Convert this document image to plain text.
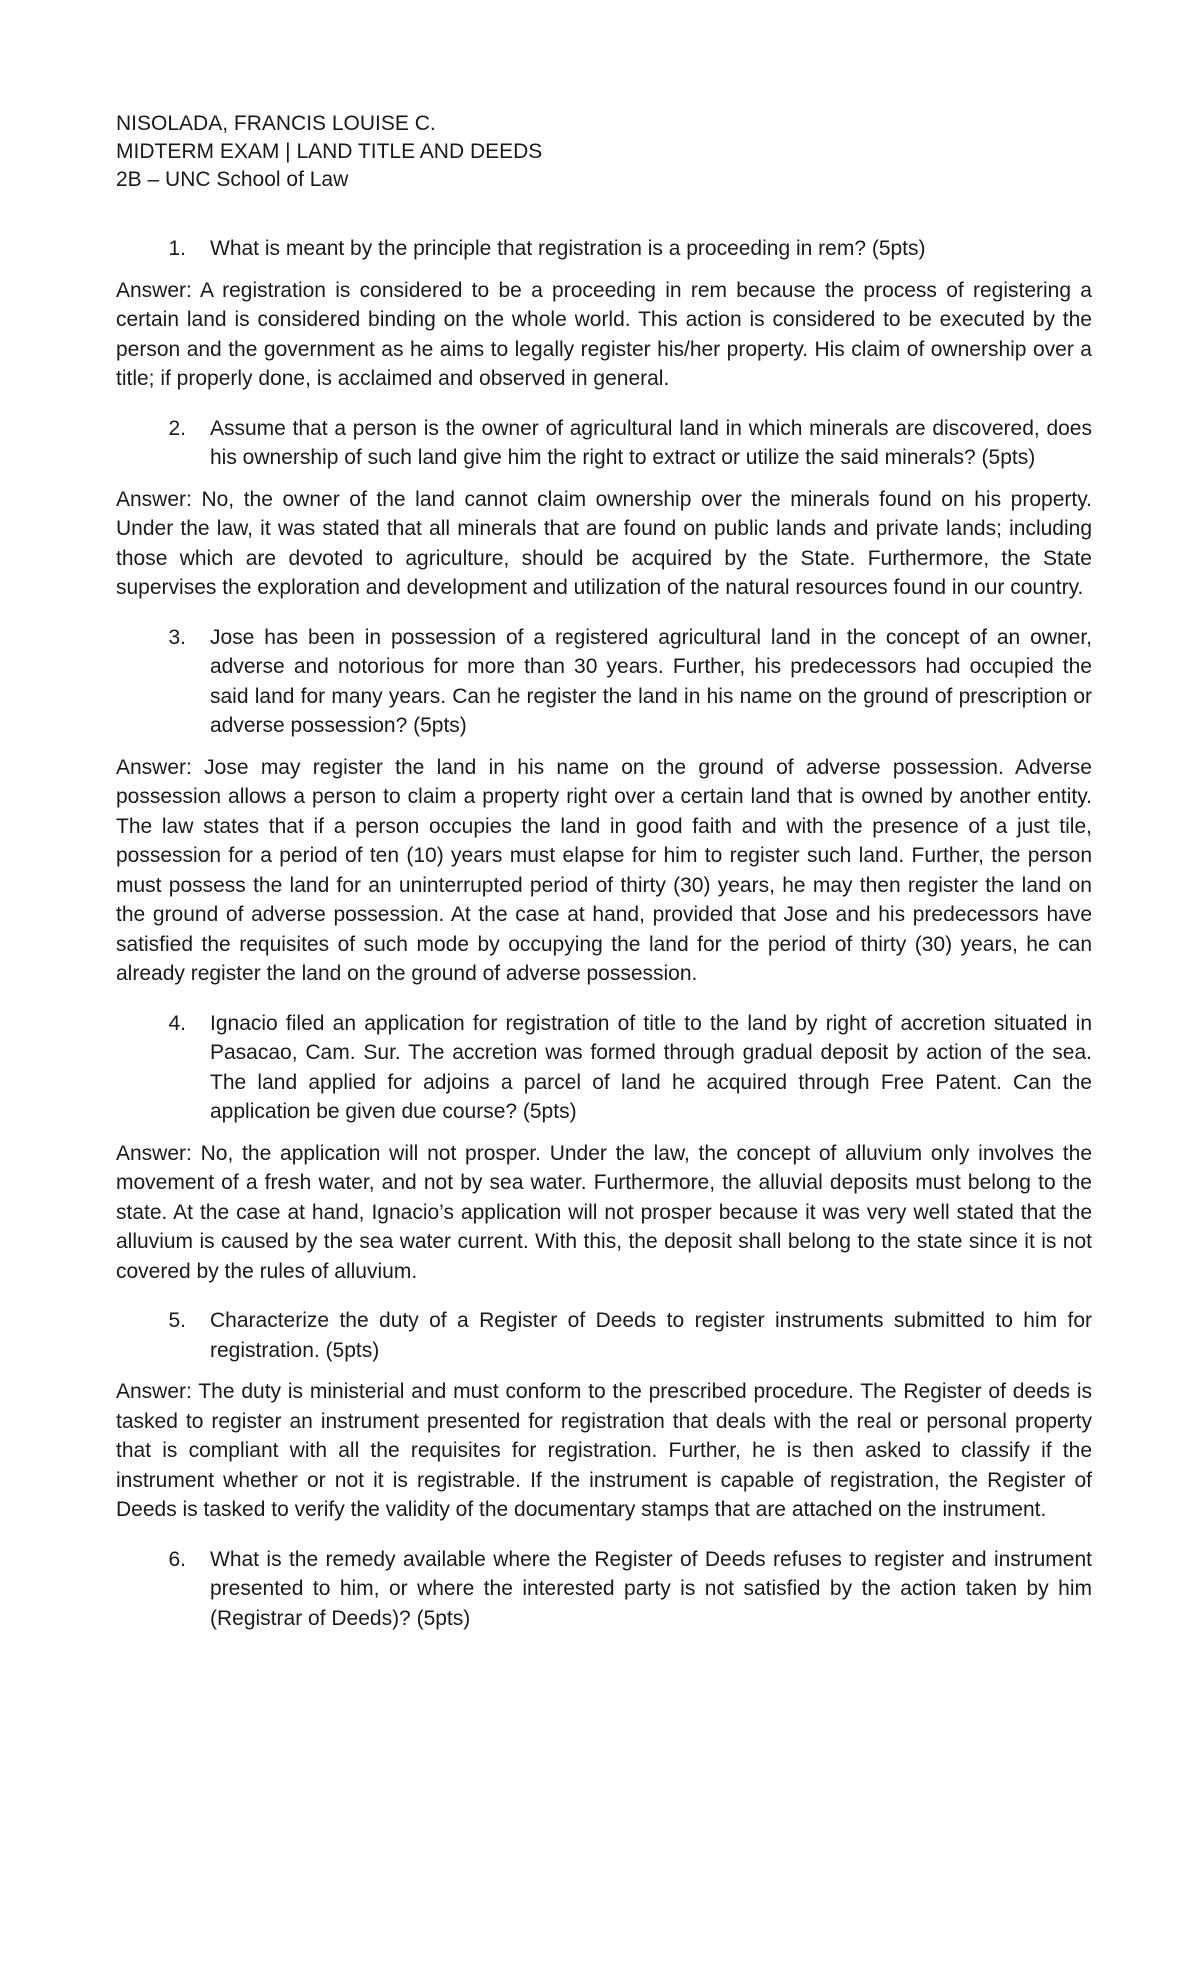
NISOLADA, FRANCIS LOUISE C.

MIDTERM EXAM | LAND TITLE AND DEEDS

2B – UNC School of Law

1.	What is meant by the principle that registration is a proceeding in rem? (5pts)

Answer: A registration is considered to be a proceeding in rem because the process of registering a certain land is considered binding on the whole world. This action is considered to be executed by the person and the government as he aims to legally register his/her property. His claim of ownership over a title; if properly done, is acclaimed and observed in general.

2.	Assume that a person is the owner of agricultural land in which minerals are discovered, does his ownership of such land give him the right to extract or utilize the said minerals? (5pts)

Answer: No, the owner of the land cannot claim ownership over the minerals found on his property. Under the law, it was stated that all minerals that are found on public lands and private lands; including those which are devoted to agriculture, should be acquired by the State. Furthermore, the State supervises the exploration and development and utilization of the natural resources found in our country.

3.	Jose has been in possession of a registered agricultural land in the concept of an owner, adverse and notorious for more than 30 years. Further, his predecessors had occupied the said land for many years. Can he register the land in his name on the ground of prescription or adverse possession? (5pts)

Answer: Jose may register the land in his name on the ground of adverse possession. Adverse possession allows a person to claim a property right over a certain land that is owned by another entity. The law states that if a person occupies the land in good faith and with the presence of a just tile, possession for a period of ten (10) years must elapse for him to register such land. Further, the person must possess the land for an uninterrupted period of thirty (30) years, he may then register the land on the ground of adverse possession. At the case at hand, provided that Jose and his predecessors have satisfied the requisites of such mode by occupying the land for the period of thirty (30) years, he can already register the land on the ground of adverse possession.

4.	Ignacio filed an application for registration of title to the land by right of accretion situated in Pasacao, Cam. Sur. The accretion was formed through gradual deposit by action of the sea. The land applied for adjoins a parcel of land he acquired through Free Patent. Can the application be given due course? (5pts)

Answer: No, the application will not prosper. Under the law, the concept of alluvium only involves the movement of a fresh water, and not by sea water. Furthermore, the alluvial deposits must belong to the state. At the case at hand, Ignacio’s application will not prosper because it was very well stated that the alluvium is caused by the sea water current. With this, the deposit shall belong to the state since it is not covered by the rules of alluvium.

5.	Characterize the duty of a Register of Deeds to register instruments submitted to him for registration. (5pts)

Answer: The duty is ministerial and must conform to the prescribed procedure. The Register of deeds is tasked to register an instrument presented for registration that deals with the real or personal property that is compliant with all the requisites for registration. Further, he is then asked to classify if the instrument whether or not it is registrable. If the instrument is capable of registration, the Register of Deeds is tasked to verify the validity of the documentary stamps that are attached on the instrument.

6.	What is the remedy available where the Register of Deeds refuses to register and instrument presented to him, or where the interested party is not satisfied by the action taken by him (Registrar of Deeds)? (5pts)
